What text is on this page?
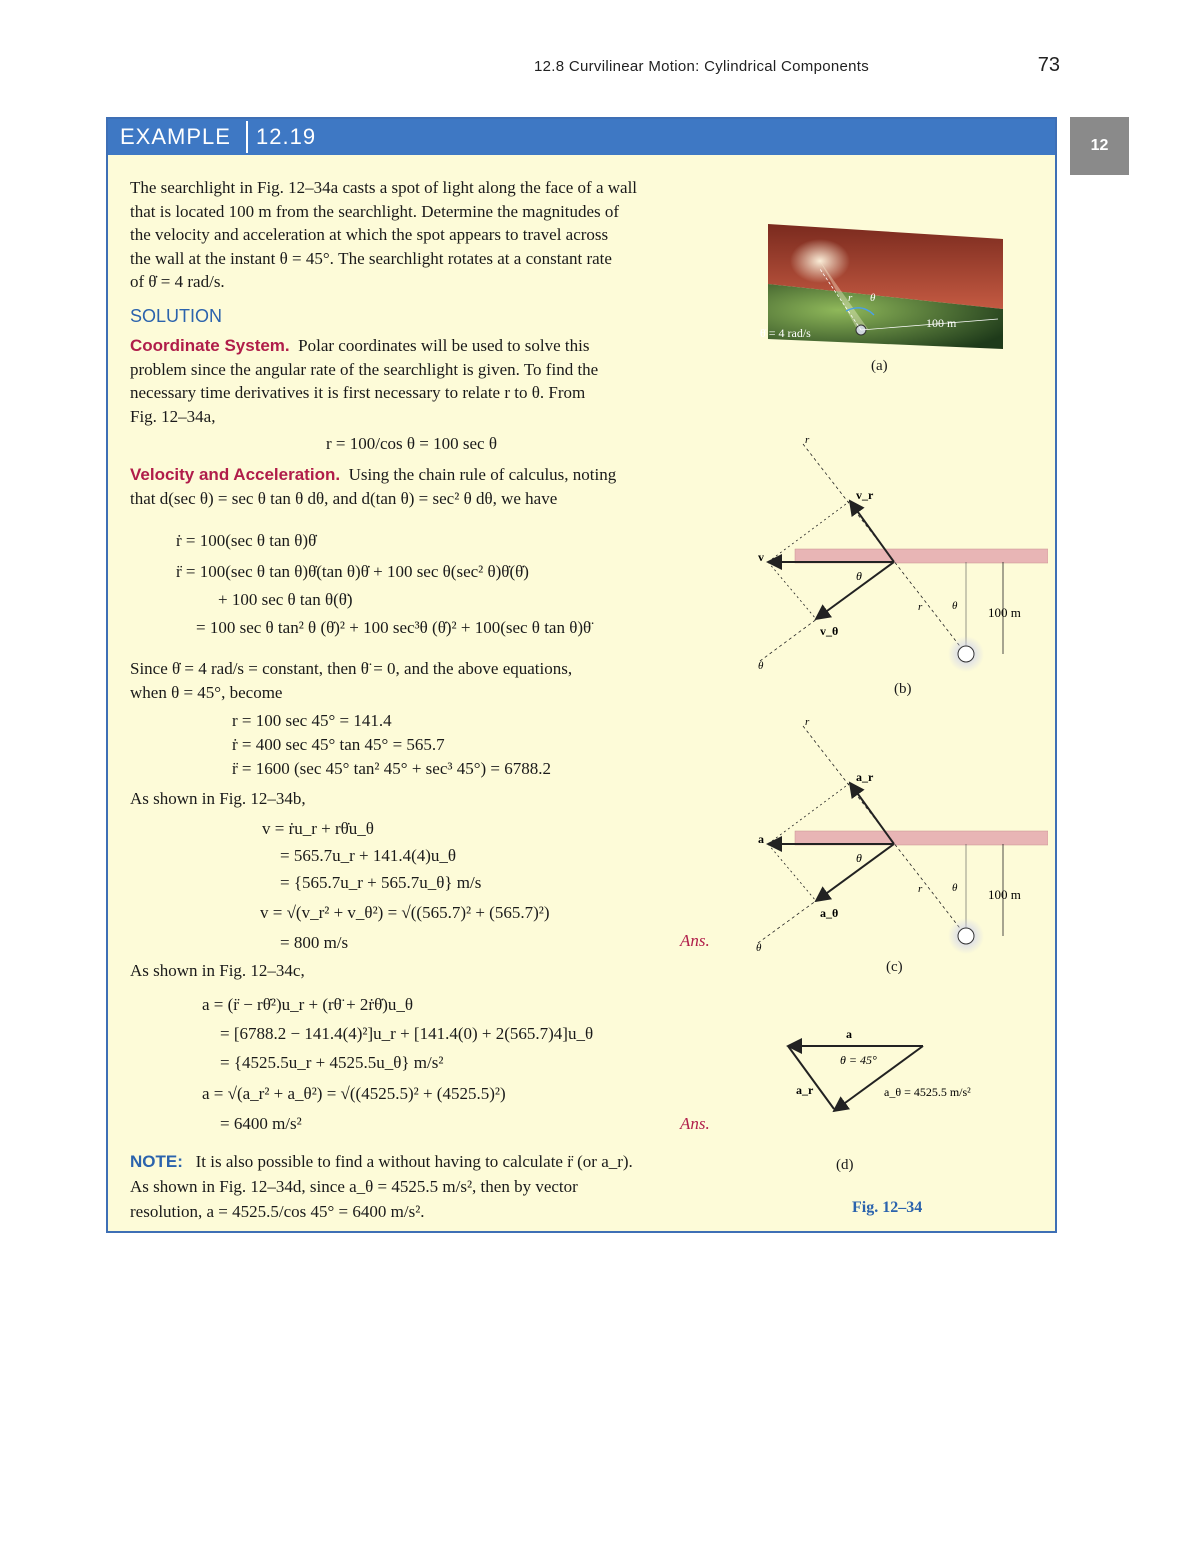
12.8 Curvilinear Motion: Cylindrical Components	73
12
EXAMPLE 12.19
The searchlight in Fig. 12–34a casts a spot of light along the face of a wall
that is located 100 m from the searchlight. Determine the magnitudes of
the velocity and acceleration at which the spot appears to travel across
the wall at the instant θ = 45°. The searchlight rotates at a constant rate
of θ̇ = 4 rad/s.
SOLUTION
Coordinate System. Polar coordinates will be used to solve this
problem since the angular rate of the searchlight is given. To find the
necessary time derivatives it is first necessary to relate r to θ. From
Fig. 12–34a,
r = 100/cos θ = 100 sec θ
Velocity and Acceleration. Using the chain rule of calculus, noting
that d(sec θ) = sec θ tan θ dθ, and d(tan θ) = sec² θ dθ, we have
ṙ = 100(sec θ tan θ)θ̇
r̈ = 100(sec θ tan θ)θ̇(tan θ)θ̇ + 100 sec θ(sec² θ)θ̇(θ̇)
+ 100 sec θ tan θ(θ̈)
= 100 sec θ tan² θ (θ̇)² + 100 sec³θ (θ̇)² + 100(sec θ tan θ)θ̈
Since θ̇ = 4 rad/s = constant, then θ̈ = 0, and the above equations,
when θ = 45°, become
r = 100 sec 45° = 141.4
ṙ = 400 sec 45° tan 45° = 565.7
r̈ = 1600 (sec 45° tan² 45° + sec³ 45°) = 6788.2
As shown in Fig. 12–34b,
v = ṙu_r + rθ̇u_θ
= 565.7u_r + 141.4(4)u_θ
= {565.7u_r + 565.7u_θ} m/s
v = √(v_r² + v_θ²) = √((565.7)² + (565.7)²)
= 800 m/s	Ans.
As shown in Fig. 12–34c,
a = (r̈ − rθ̇²)u_r + (rθ̈ + 2ṙθ̇)u_θ
= [6788.2 − 141.4(4)²]u_r + [141.4(0) + 2(565.7)4]u_θ
= {4525.5u_r + 4525.5u_θ} m/s²
a = √(a_r² + a_θ²) = √((4525.5)² + (4525.5)²)
= 6400 m/s²	Ans.
NOTE: It is also possible to find a without having to calculate r̈ (or a_r).
As shown in Fig. 12–34d, since a_θ = 4525.5 m/s², then by vector
resolution, a = 4525.5/cos 45° = 6400 m/s².
r θ
θ̇ = 4 rad/s
100 m
(a)
r
v_r
v
v_θ
θ
θ
r	θ 100 m
(b)
r
a_r
a
a_θ
θ
θ
r	θ 100 m
(c)
a
θ = 45°
a_r	a_θ = 4525.5 m/s²
(d)
Fig. 12–34
